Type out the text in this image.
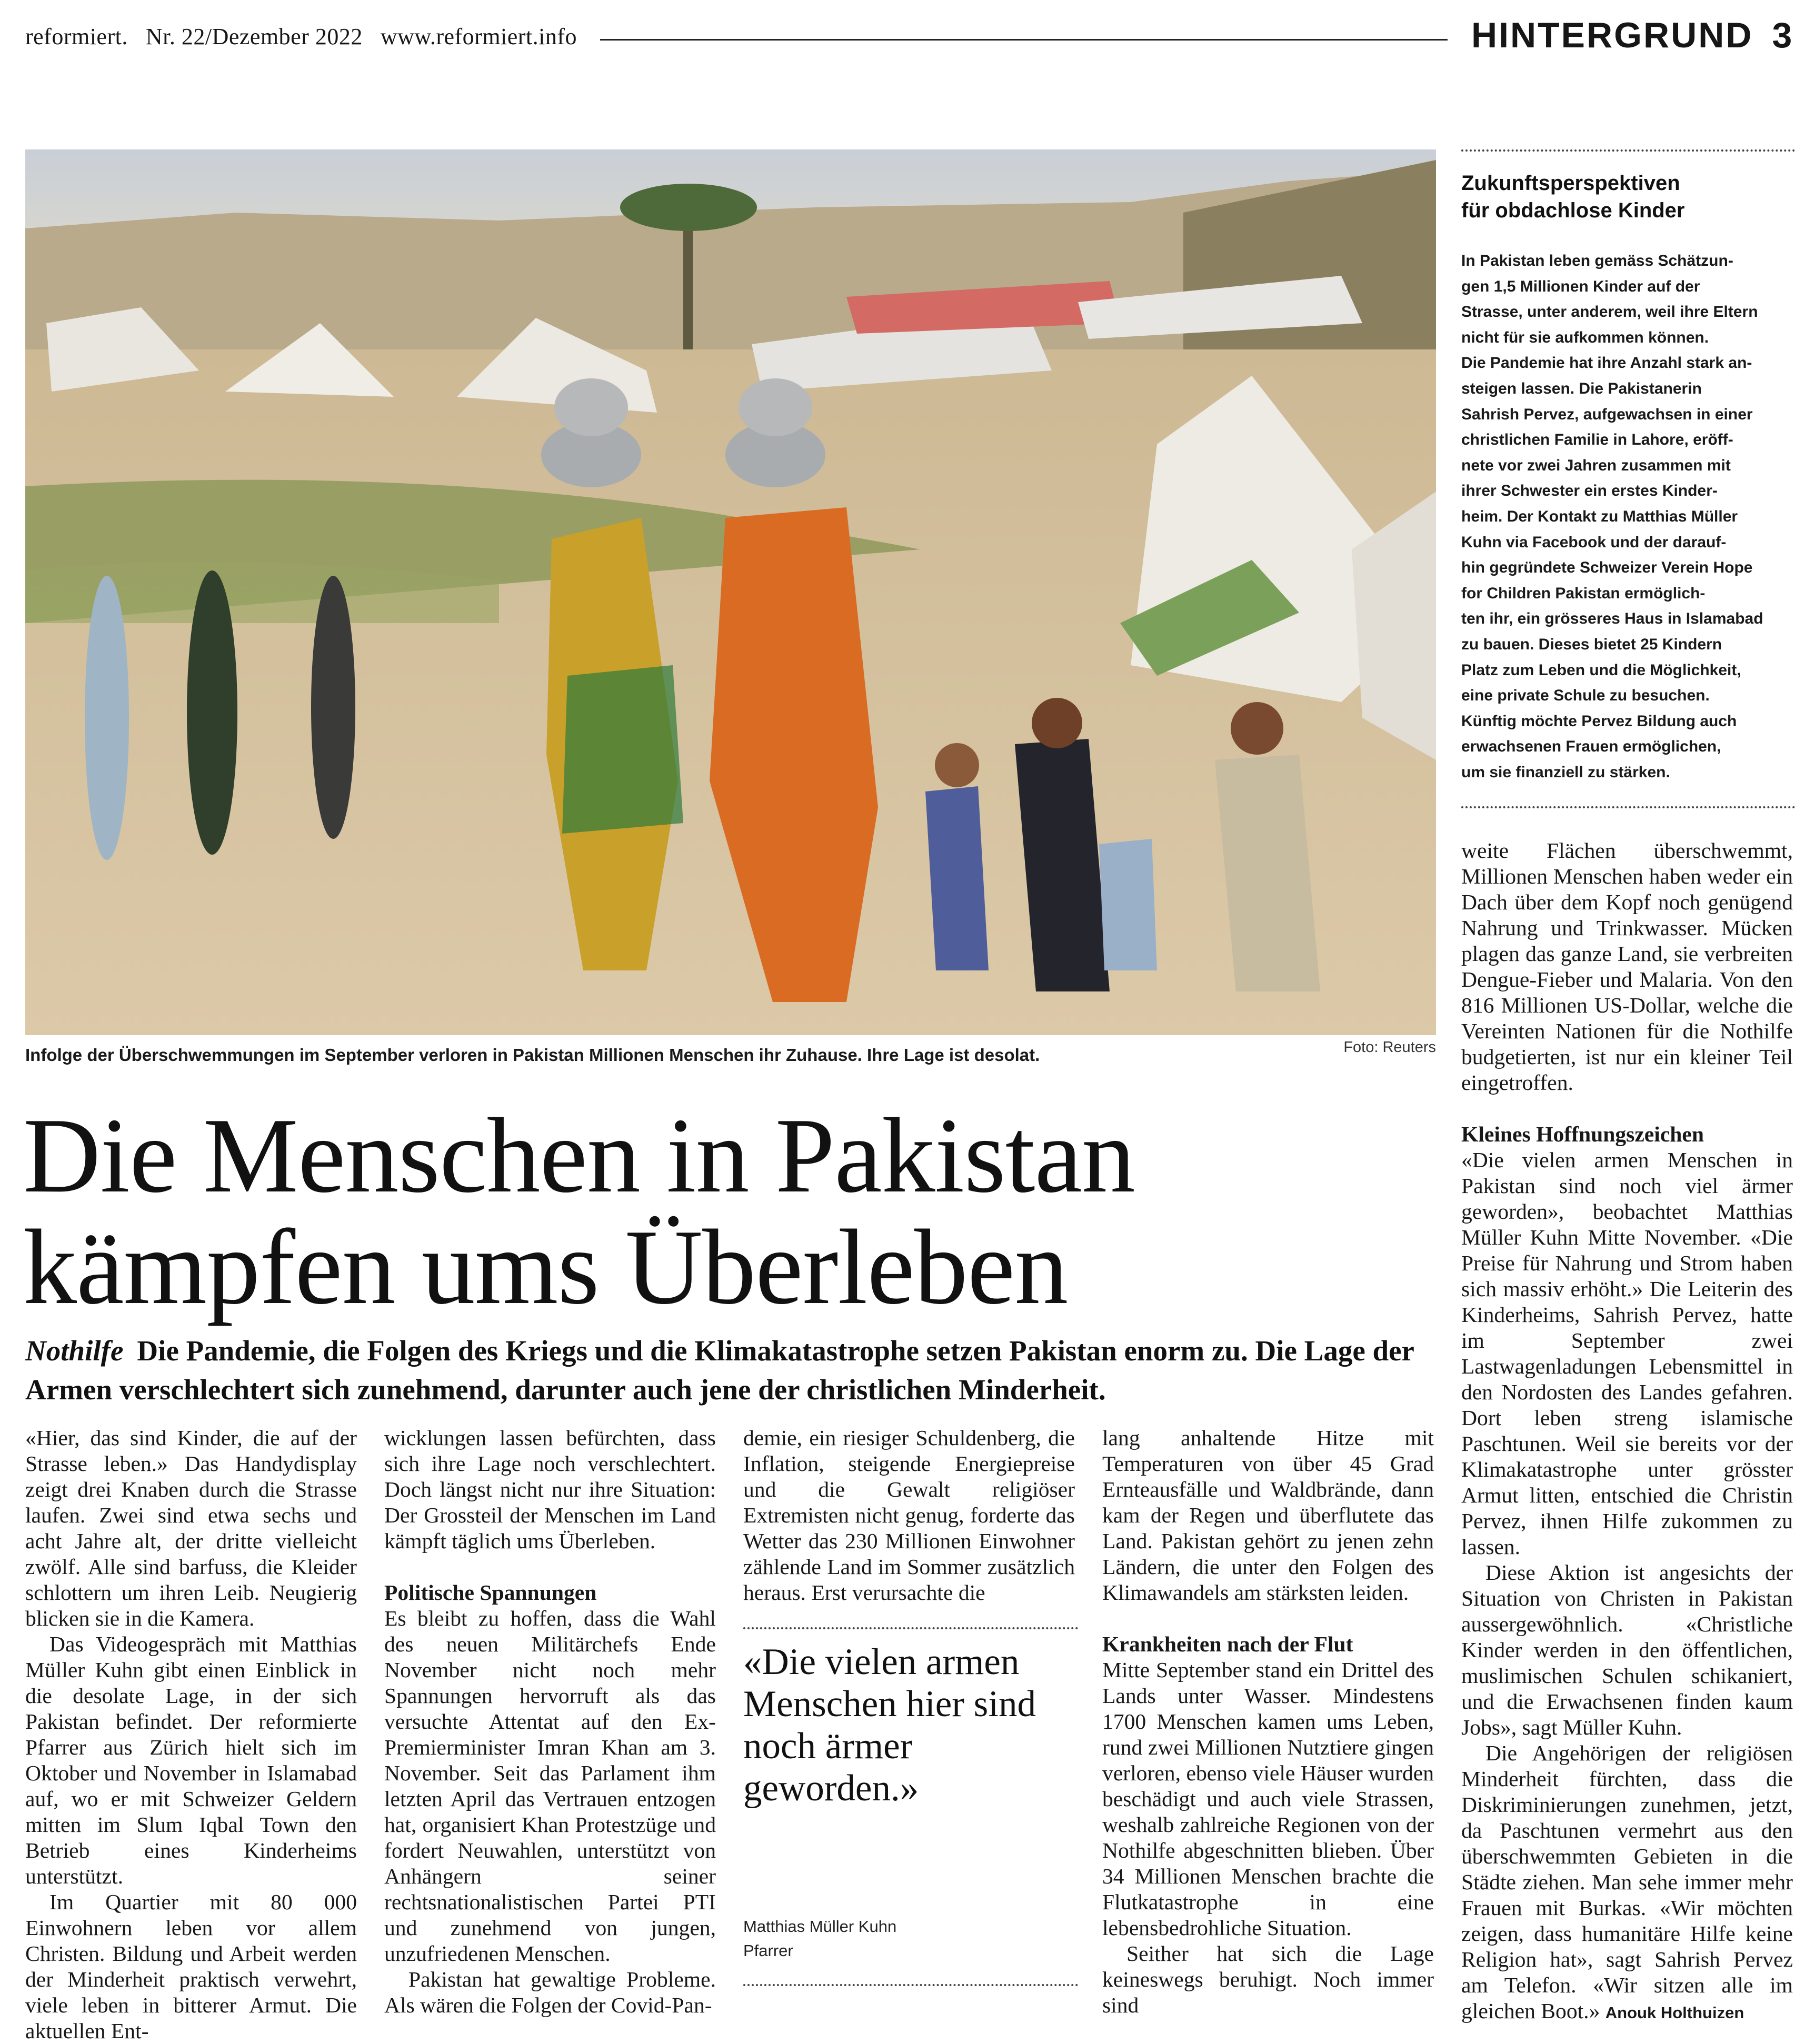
reformiert. Nr. 22/Dezember 2022 www.reformiert.info	HINTERGRUND 3
Infolge der Überschwemmungen im September verloren in Pakistan Millionen Menschen ihr Zuhause. Ihre Lage ist desolat.	Foto: Reuters
Die Menschen in Pakistan
kämpfen ums Überleben
Nothilfe Die Pandemie, die Folgen des Kriegs und die Klimakatastrophe setzen Pakistan enorm zu. Die Lage der Armen verschlechtert sich zunehmend, darunter auch jene der christlichen Minderheit.

«Hier, das sind Kinder, die auf der Strasse leben.» Das Handydisplay zeigt drei Knaben durch die Strasse laufen. Zwei sind etwa sechs und acht Jahre alt, der dritte vielleicht zwölf. Alle sind barfuss, die Kleider schlottern um ihren Leib. Neugierig blicken sie in die Kamera.

Das Videogespräch mit Matthias Müller Kuhn gibt einen Einblick in die desolate Lage, in der sich Pakistan befindet. Der reformierte Pfarrer aus Zürich hielt sich im Oktober und November in Islamabad auf, wo er mit Schweizer Geldern mitten im Slum Iqbal Town den Betrieb eines Kinderheims unterstützt.

Im Quartier mit 80 000 Einwohnern leben vor allem Christen. Bildung und Arbeit werden der Minderheit praktisch verwehrt, viele leben in bitterer Armut. Die aktuellen Ent-

wicklungen lassen befürchten, dass sich ihre Lage noch verschlechtert. Doch längst nicht nur ihre Situation: Der Grossteil der Menschen im Land kämpft täglich ums Überleben.

Politische Spannungen

Es bleibt zu hoffen, dass die Wahl des neuen Militärchefs Ende November nicht noch mehr Spannungen hervorruft als das versuchte Attentat auf den Ex-Premierminister Imran Khan am 3. November. Seit das Parlament ihm letzten April das Vertrauen entzogen hat, organisiert Khan Protestzüge und fordert Neuwahlen, unterstützt von Anhängern seiner rechtsnationalistischen Partei PTI und zunehmend von jungen, unzufriedenen Menschen.

Pakistan hat gewaltige Probleme. Als wären die Folgen der Covid-Pan-

demie, ein riesiger Schuldenberg, die Inflation, steigende Energiepreise und die Gewalt religiöser Extremisten nicht genug, forderte das Wetter das 230 Millionen Einwohner zählende Land im Sommer zusätzlich heraus. Erst verursachte die

«Die vielen armen Menschen hier sind noch ärmer geworden.»
Matthias Müller Kuhn
Pfarrer

lang anhaltende Hitze mit Temperaturen von über 45 Grad Ernteausfälle und Waldbrände, dann kam der Regen und überflutete das Land. Pakistan gehört zu jenen zehn Ländern, die unter den Folgen des Klimawandels am stärksten leiden.

Krankheiten nach der Flut

Mitte September stand ein Drittel des Lands unter Wasser. Mindestens 1700 Menschen kamen ums Leben, rund zwei Millionen Nutztiere gingen verloren, ebenso viele Häuser wurden beschädigt und auch viele Strassen, weshalb zahlreiche Regionen von der Nothilfe abgeschnitten blieben. Über 34 Millionen Menschen brachte die Flutkatastrophe in eine lebensbedrohliche Situation.

Seither hat sich die Lage keineswegs beruhigt. Noch immer sind

Zukunftsperspektiven
für obdachlose Kinder
In Pakistan leben gemäss Schätzun-
gen 1,5 Millionen Kinder auf der
Strasse, unter anderem, weil ihre Eltern
nicht für sie aufkommen können.
Die Pandemie hat ihre Anzahl stark an-
steigen lassen. Die Pakistanerin
Sahrish Pervez, aufgewachsen in einer
christlichen Familie in Lahore, eröff-
nete vor zwei Jahren zusammen mit
ihrer Schwester ein erstes Kinder-
heim. Der Kontakt zu Matthias Müller
Kuhn via Facebook und der darauf-
hin gegründete Schweizer Verein Hope
for Children Pakistan ermöglich-
ten ihr, ein grösseres Haus in Islamabad
zu bauen. Dieses bietet 25 Kindern
Platz zum Leben und die Möglichkeit,
eine private Schule zu besuchen.
Künftig möchte Pervez Bildung auch
erwachsenen Frauen ermöglichen,
um sie finanziell zu stärken.

weite Flächen überschwemmt, Millionen Menschen haben weder ein Dach über dem Kopf noch genügend Nahrung und Trinkwasser. Mücken plagen das ganze Land, sie verbreiten Dengue-Fieber und Malaria. Von den 816 Millionen US-Dollar, welche die Vereinten Nationen für die Nothilfe budgetierten, ist nur ein kleiner Teil eingetroffen.

Kleines Hoffnungszeichen

«Die vielen armen Menschen in Pakistan sind noch viel ärmer geworden», beobachtet Matthias Müller Kuhn Mitte November. «Die Preise für Nahrung und Strom haben sich massiv erhöht.» Die Leiterin des Kinderheims, Sahrish Pervez, hatte im September zwei Lastwagenladungen Lebensmittel in den Nordosten des Landes gefahren. Dort leben streng islamische Paschtunen. Weil sie bereits vor der Klimakatastrophe unter grösster Armut litten, entschied die Christin Pervez, ihnen Hilfe zukommen zu lassen.

Diese Aktion ist angesichts der Situation von Christen in Pakistan aussergewöhnlich. «Christliche Kinder werden in den öffentlichen, muslimischen Schulen schikaniert, und die Erwachsenen finden kaum Jobs», sagt Müller Kuhn.

Die Angehörigen der religiösen Minderheit fürchten, dass die Diskriminierungen zunehmen, jetzt, da Paschtunen vermehrt aus den überschwemmten Gebieten in die Städte ziehen. Man sehe immer mehr Frauen mit Burkas. «Wir möchten zeigen, dass humanitäre Hilfe keine Religion hat», sagt Sahrish Pervez am Telefon. «Wir sitzen alle im gleichen Boot.» Anouk Holthuizen
